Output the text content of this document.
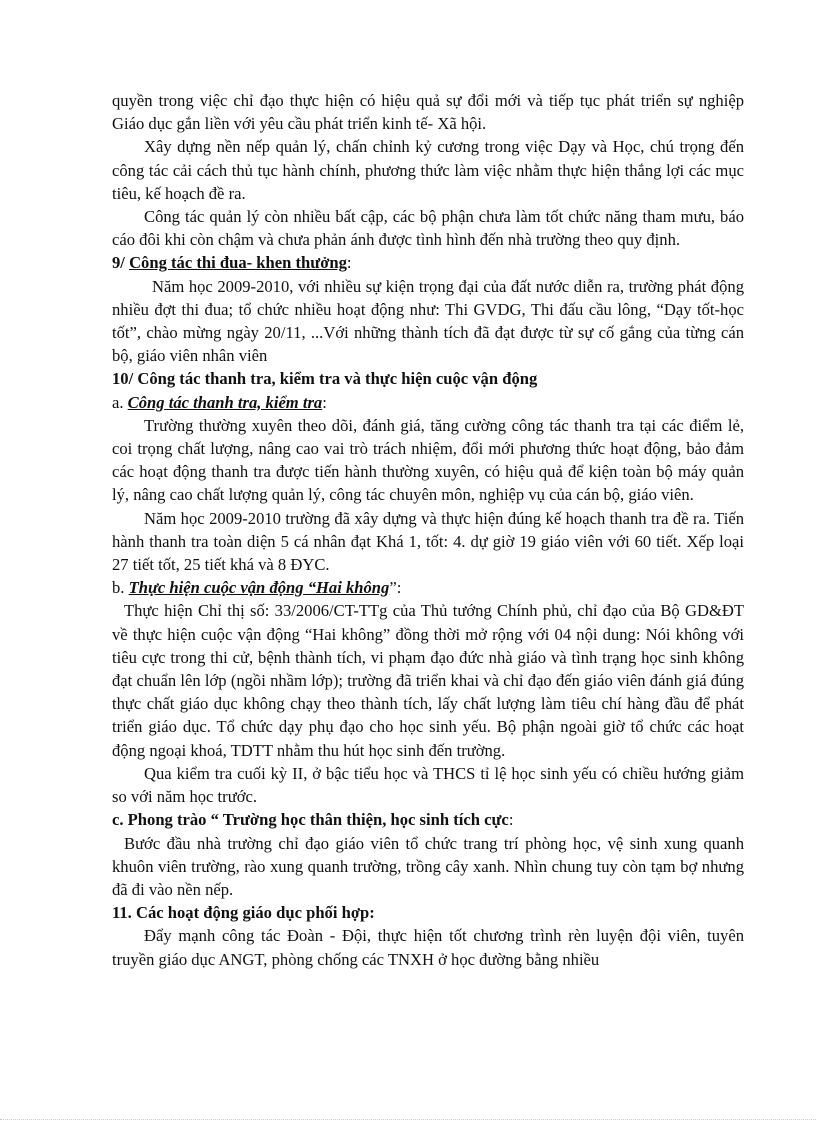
quyền trong việc chỉ đạo thực hiện có hiệu quả sự đổi mới và tiếp tục phát triển sự nghiệp Giáo dục gắn liền với yêu cầu phát triển kinh tế- Xã hội.

Xây dựng nền nếp quản lý, chấn chỉnh kỷ cương trong việc Dạy và Học, chú trọng đến công tác cải cách thủ tục hành chính, phương thức làm việc nhằm thực hiện thắng lợi các mục tiêu, kế hoạch đề ra.

Công tác quản lý còn nhiều bất cập, các bộ phận chưa làm tốt chức năng tham mưu, báo cáo đôi khi còn chậm và chưa phản ánh được tình hình đến nhà trường theo quy định.

9/ Công tác thi đua- khen thưởng:

Năm học 2009-2010, với nhiều sự kiện trọng đại của đất nước diễn ra, trường phát động nhiều đợt thi đua; tổ chức nhiều hoạt động như: Thi GVDG, Thi đấu cầu lông, “Dạy tốt-học tốt”, chào mừng ngày 20/11, ...Với những thành tích đã đạt được từ sự cố gắng của từng cán bộ, giáo viên nhân viên

10/ Công tác thanh tra, kiểm tra và thực hiện cuộc vận động

a. Công tác thanh tra, kiểm tra:

Trường thường xuyên theo dõi, đánh giá, tăng cường công tác thanh tra tại các điểm lẻ, coi trọng chất lượng, nâng cao vai trò trách nhiệm, đổi mới phương thức hoạt động, bảo đảm các hoạt động thanh tra được tiến hành thường xuyên, có hiệu quả để kiện toàn bộ máy quản lý, nâng cao chất lượng quản lý, công tác chuyên môn, nghiệp vụ của cán bộ, giáo viên.

Năm học 2009-2010 trường đã xây dựng và thực hiện đúng kế hoạch thanh tra đề ra. Tiến hành thanh tra toàn diện 5 cá nhân đạt Khá 1, tốt: 4. dự giờ 19 giáo viên với 60 tiết. Xếp loại 27 tiết tốt, 25 tiết khá và 8 ĐYC.

b. Thực hiện cuộc vận động “Hai không”:

Thực hiện Chỉ thị số: 33/2006/CT-TTg của Thủ tướng Chính phủ, chỉ đạo của Bộ GD&ĐT về thực hiện cuộc vận động “Hai không” đồng thời mở rộng với 04 nội dung: Nói không với tiêu cực trong thi cử, bệnh thành tích, vi phạm đạo đức nhà giáo và tình trạng học sinh không đạt chuẩn lên lớp (ngồi nhầm lớp); trường đã triển khai và chỉ đạo đến giáo viên đánh giá đúng thực chất giáo dục không chạy theo thành tích, lấy chất lượng làm tiêu chí hàng đầu để phát triển giáo dục. Tổ chức dạy phụ đạo cho học sinh yếu. Bộ phận ngoài giờ tổ chức các hoạt động ngoại khoá, TDTT nhằm thu hút học sinh đến trường.

Qua kiểm tra cuối kỳ II, ở bậc tiểu học và THCS tỉ lệ học sinh yếu có chiều hướng giảm so với năm học trước.

c. Phong trào “ Trường học thân thiện, học sinh tích cực:

Bước đầu nhà trường chỉ đạo giáo viên tổ chức trang trí phòng học, vệ sinh xung quanh khuôn viên trường, rào xung quanh trường, trồng cây xanh. Nhìn chung tuy còn tạm bợ nhưng đã đi vào nền nếp.

11. Các hoạt động giáo dục phối hợp:

Đẩy mạnh công tác Đoàn - Đội, thực hiện tốt chương trình rèn luyện đội viên, tuyên truyền giáo dục ANGT, phòng chống các TNXH ở học đường bằng nhiều
